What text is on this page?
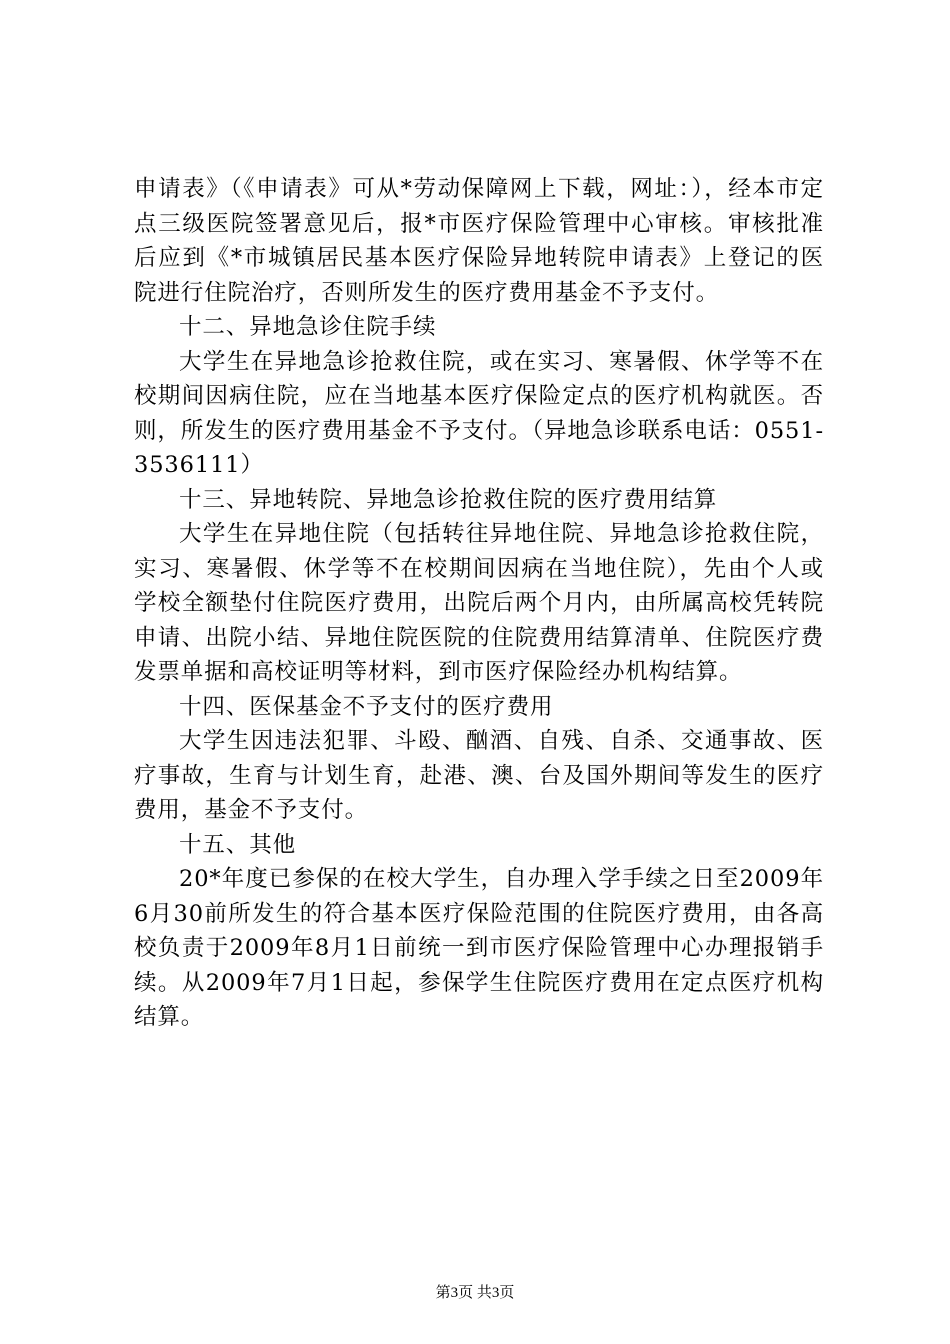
申请表》（《申请表》可从*劳动保障网上下载，网址：），经本市定点三级医院签署意见后，报*市医疗保险管理中心审核。审核批准后应到《*市城镇居民基本医疗保险异地转院申请表》上登记的医院进行住院治疗，否则所发生的医疗费用基金不予支付。

十二、异地急诊住院手续

大学生在异地急诊抢救住院，或在实习、寒暑假、休学等不在校期间因病住院，应在当地基本医疗保险定点的医疗机构就医。否则，所发生的医疗费用基金不予支付。（异地急诊联系电话：0551-3536111）

十三、异地转院、异地急诊抢救住院的医疗费用结算

大学生在异地住院（包括转往异地住院、异地急诊抢救住院，实习、寒暑假、休学等不在校期间因病在当地住院），先由个人或学校全额垫付住院医疗费用，出院后两个月内，由所属高校凭转院申请、出院小结、异地住院医院的住院费用结算清单、住院医疗费发票单据和高校证明等材料，到市医疗保险经办机构结算。

十四、医保基金不予支付的医疗费用

大学生因违法犯罪、斗殴、酗酒、自残、自杀、交通事故、医疗事故，生育与计划生育，赴港、澳、台及国外期间等发生的医疗费用，基金不予支付。

十五、其他

20*年度已参保的在校大学生，自办理入学手续之日至2009年6月30前所发生的符合基本医疗保险范围的住院医疗费用，由各高校负责于2009年8月1日前统一到市医疗保险管理中心办理报销手续。从2009年7月1日起，参保学生住院医疗费用在定点医疗机构结算。

第3页 共3页
